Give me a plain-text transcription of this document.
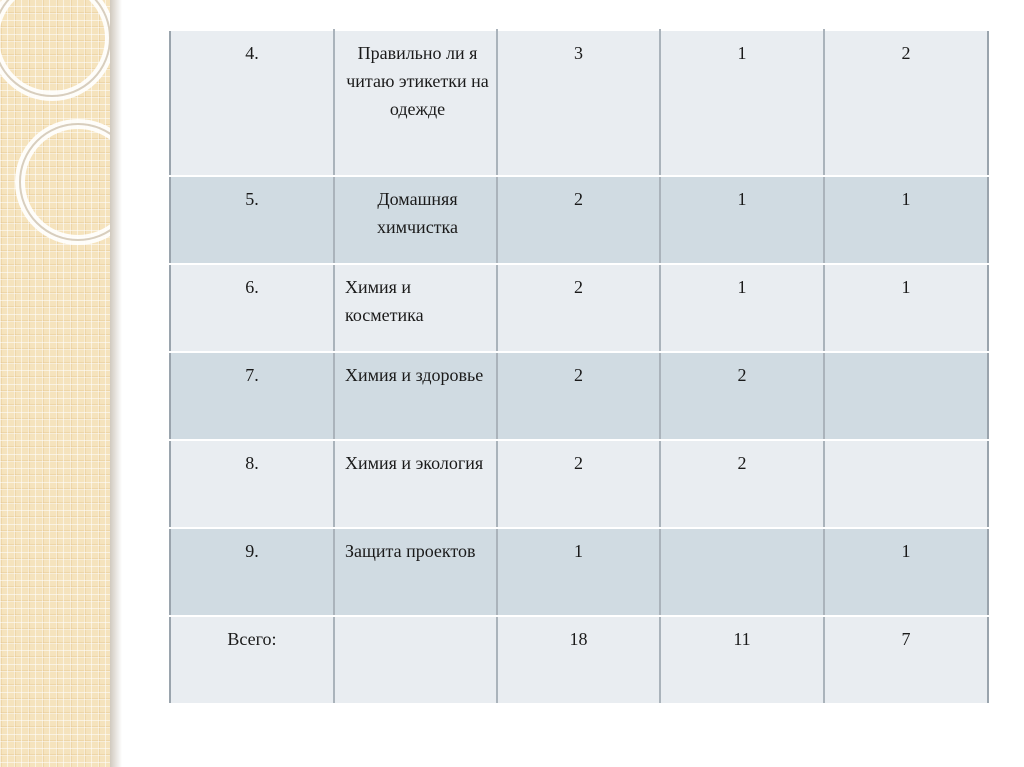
4.	Правильно ли я читаю этикетки на одежде	3	1	2
5.	Домашняя химчистка	2	1	1
6.	Химия и косметика	2	1	1
7.	Химия и здоровье	2	2	
8.	Химия и экология	2	2	
9.	Защита проектов	1		1
Всего:		18	11	7
